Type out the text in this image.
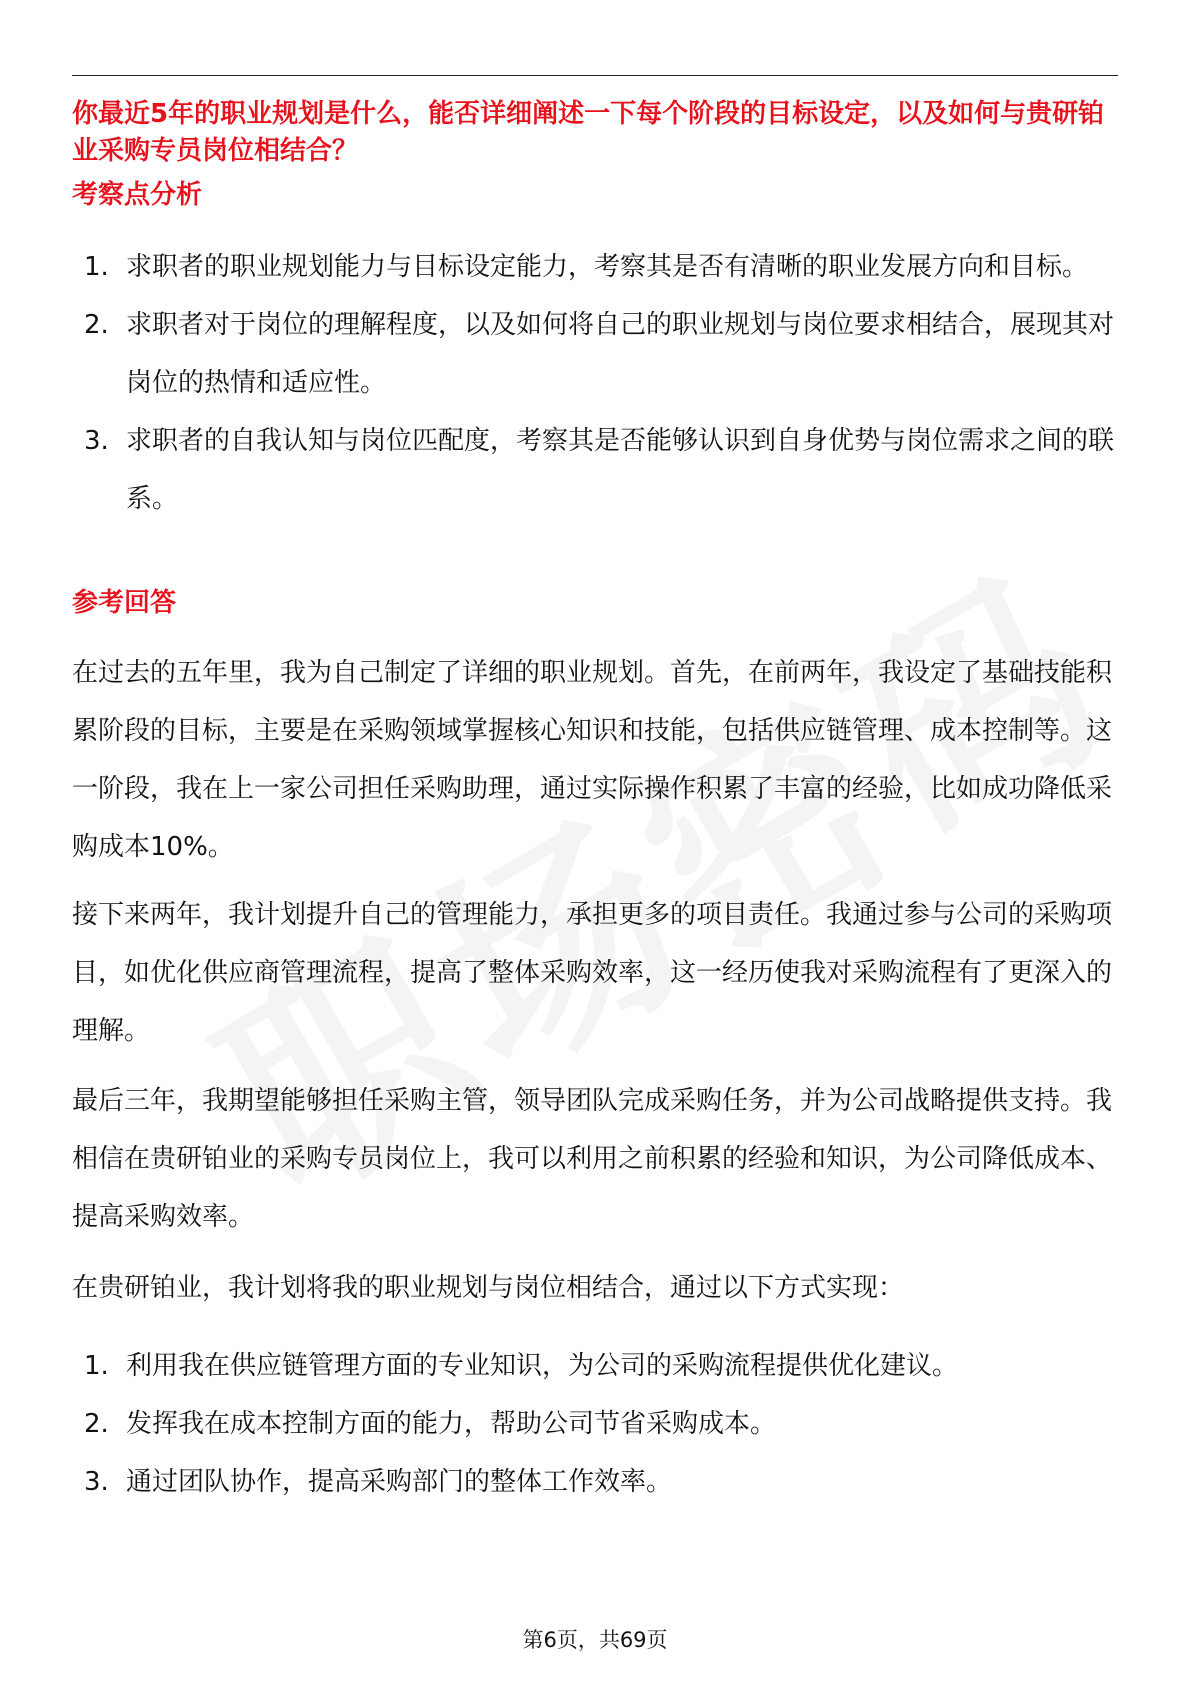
你最近5年的职业规划是什么，能否详细阐述一下每个阶段的目标设定，以及如何与贵研铂业采购专员岗位相结合？
考察点分析
1. 求职者的职业规划能力与目标设定能力，考察其是否有清晰的职业发展方向和目标。
2. 求职者对于岗位的理解程度，以及如何将自己的职业规划与岗位要求相结合，展现其对岗位的热情和适应性。
3. 求职者的自我认知与岗位匹配度，考察其是否能够认识到自身优势与岗位需求之间的联系。
参考回答

在过去的五年里，我为自己制定了详细的职业规划。首先，在前两年，我设定了基础技能积累阶段的目标，主要是在采购领域掌握核心知识和技能，包括供应链管理、成本控制等。这一阶段，我在上一家公司担任采购助理，通过实际操作积累了丰富的经验，比如成功降低采购成本10%。

接下来两年，我计划提升自己的管理能力，承担更多的项目责任。我通过参与公司的采购项目，如优化供应商管理流程，提高了整体采购效率，这一经历使我对采购流程有了更深入的理解。

最后三年，我期望能够担任采购主管，领导团队完成采购任务，并为公司战略提供支持。我相信在贵研铂业的采购专员岗位上，我可以利用之前积累的经验和知识，为公司降低成本、提高采购效率。

在贵研铂业，我计划将我的职业规划与岗位相结合，通过以下方式实现：

1. 利用我在供应链管理方面的专业知识，为公司的采购流程提供优化建议。
2. 发挥我在成本控制方面的能力，帮助公司节省采购成本。
3. 通过团队协作，提高采购部门的整体工作效率。
第6页，共69页
